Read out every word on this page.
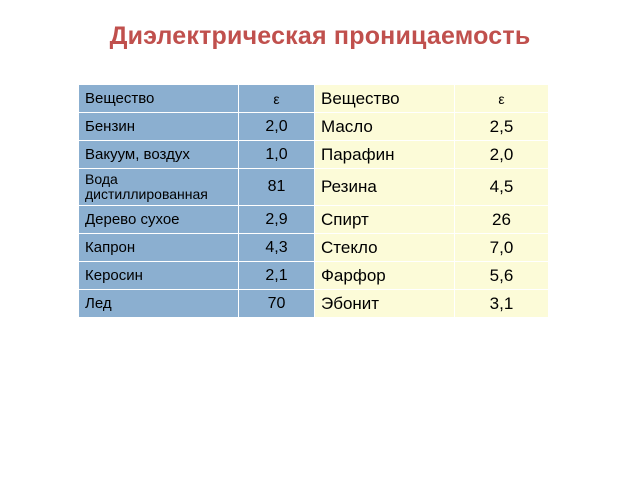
Диэлектрическая проницаемость
Вещество	ε	Вещество	ε
Бензин	2,0	Масло	2,5
Вакуум, воздух	1,0	Парафин	2,0
Вода дистиллированная	81	Резина	4,5
Дерево сухое	2,9	Спирт	26
Капрон	4,3	Стекло	7,0
Керосин	2,1	Фарфор	5,6
Лед	70	Эбонит	3,1
